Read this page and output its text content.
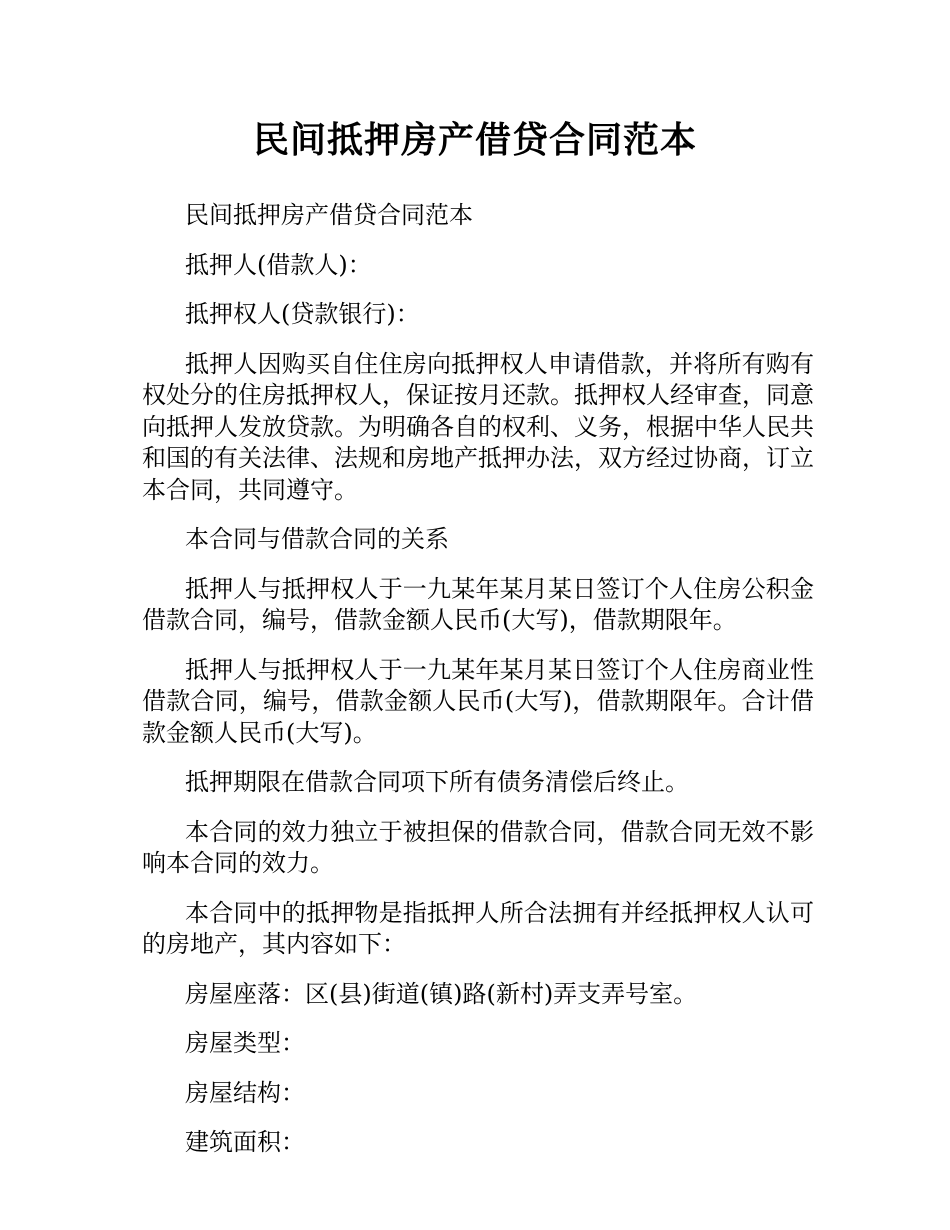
民间抵押房产借贷合同范本

民间抵押房产借贷合同范本

抵押人(借款人)：

抵押权人(贷款银行)：

抵押人因购买自住住房向抵押权人申请借款，并将所有购有权处分的住房抵押权人，保证按月还款。抵押权人经审查，同意向抵押人发放贷款。为明确各自的权利、义务，根据中华人民共和国的有关法律、法规和房地产抵押办法，双方经过协商，订立本合同，共同遵守。

本合同与借款合同的关系

抵押人与抵押权人于一九某年某月某日签订个人住房公积金借款合同，编号，借款金额人民币(大写)，借款期限年。

抵押人与抵押权人于一九某年某月某日签订个人住房商业性借款合同，编号，借款金额人民币(大写)，借款期限年。合计借款金额人民币(大写)。

抵押期限在借款合同项下所有债务清偿后终止。

本合同的效力独立于被担保的借款合同，借款合同无效不影响本合同的效力。

本合同中的抵押物是指抵押人所合法拥有并经抵押权人认可的房地产，其内容如下：

房屋座落：区(县)街道(镇)路(新村)弄支弄号室。

房屋类型：

房屋结构：

建筑面积：
